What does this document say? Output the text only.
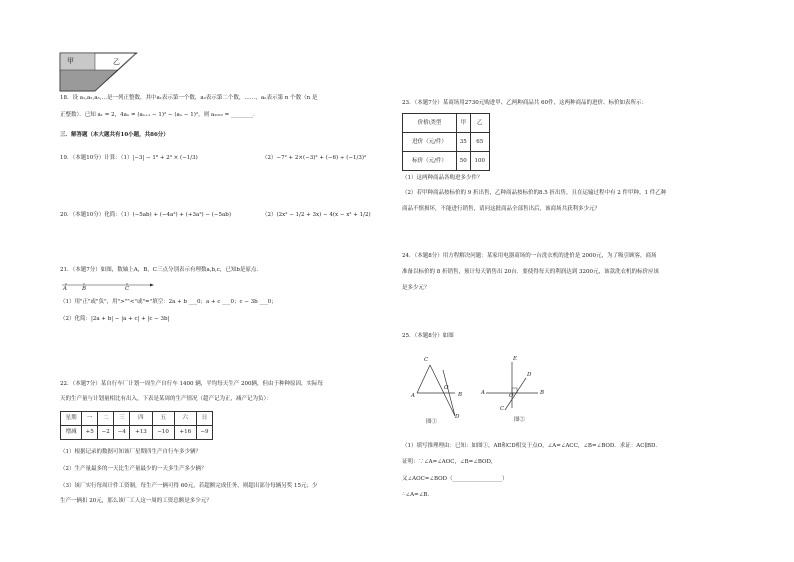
甲	乙
18．设 a₁,a₂,a₃,…是一列正整数，其中a₁表示第一个数，a₂表示第二个数，……，aₙ表示第 n 个数（n 是
正整数）．已知 a₁ = 2，4aₙ = (aₙ₊₁ − 1)² − (aₙ − 1)²，则 a₂₀₂₂ = ________．
三．解答题（本大题共有10小题，共86分）
19．（本题10分）计算：（1）|−3| − 1⁸ + 2³ × (−1/3)	（2）−7² + 2×(−3)² + (−6) ÷ (−1/3)²
20．（本题10分）化简：（1）(−5ab) + (−4a²) + (+3a²) − (−5ab)	（2）(2x² − 1/2 + 3x) − 4(x − x² + 1/2)
21．（本题7分）如图，数轴上A，B，C三点分别表示有理数a,b,c，已知b是原点．
A	B	C
（1）用"正"或"负"，用">""<"或"="填空：2a + b ___0；a + c ___0；c − 3b ___0；
（2）化简：|2a + b| − |a + c| + |c − 3b|
22．（本题7分）某自行车厂计划一周生产自行车 1400 辆，平均每天生产 200辆，但由于种种原因，实际每
天的生产量与计划量相比有出入，下表是某周的生产情况（超产记为正，减产记为负）：
星期	一	二	三	四	五	六	日
增减	+5	−2	−4	+13	−10	+16	−9
（1）根据记录的数据可知该厂星期四生产自行车多少辆？
（2）生产量最多的一天比生产量最少的一天多生产多少辆？
（3）该厂实行每周计件工资制，每生产一辆可得 60元，若超额完成任务，则超出部分每辆另奖 15元；少
生产一辆扣 20元，那么该厂工人这一周的工资总额是多少元？
23．（本题7分）某商场用2730元购进甲、乙两种商品共 60件，这两种商品的进价、标价如表所示：
价格\类型	甲	乙
进价（元/件）	35	65
标价（元/件）	50	100
（1）这两种商品各购进多少件？
（2）若甲种商品按标价的 9 折出售，乙种商品按标价的8.5 折出售，且在运输过程中有 2 件甲种、1 件乙种
商品不慎损坏，不能进行销售，请问这批商品全部售出后，该商场共获利多少元？
24．（本题8分）用方程解决问题：某家用电器商场的一台洗衣机的进价是 2000元，为了吸引顾客，商场
准备以标价的 8 折销售，预计每天销售出 20台．要使得每天的利润达到 3200元，该款洗衣机的标价应该
是多少元？
25．（本题8分）如图
C
O
A	B
D
图①
E
A	O	B
C
D
图②
（1）填写推理理由：已知：如图①，AB和CD相交于点O，∠A=∠ACC，∠B=∠BOD．求证：AC∥BD．
证明：∵∠A=∠AOC，∠B=∠BOD，
又∠AOC=∠BOD（__________________）
∴∠A=∠B．
